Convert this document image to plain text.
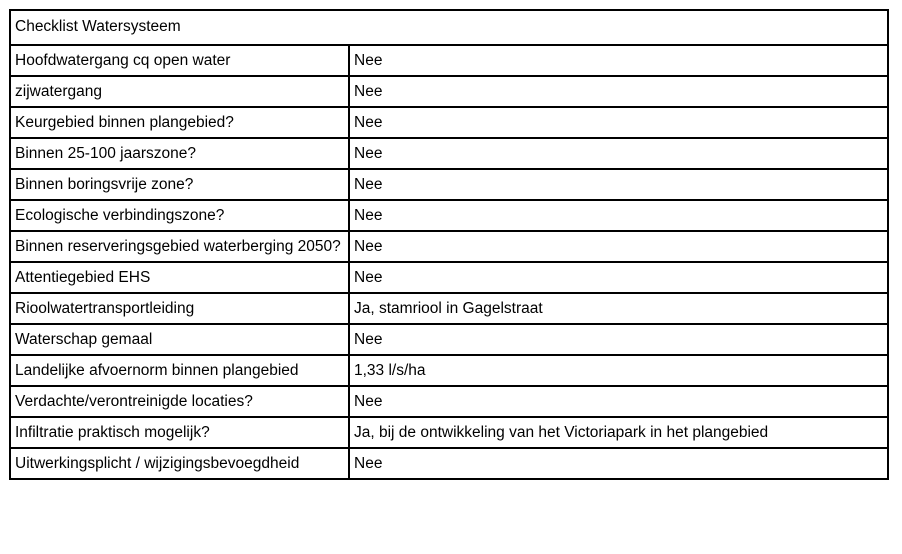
Checklist Watersysteem	
Hoofdwatergang cq open water	Nee
zijwatergang	Nee
Keurgebied binnen plangebied?	Nee
Binnen 25-100 jaarszone?	Nee
Binnen boringsvrije zone?	Nee
Ecologische verbindingszone?	Nee
Binnen reserveringsgebied waterberging 2050?	Nee
Attentiegebied EHS	Nee
Rioolwatertransportleiding	Ja, stamriool in Gagelstraat
Waterschap gemaal	Nee
Landelijke afvoernorm binnen plangebied	1,33 l/s/ha
Verdachte/verontreinigde locaties?	Nee
Infiltratie praktisch mogelijk?	Ja, bij de ontwikkeling van het Victoriapark in het plangebied
Uitwerkingsplicht / wijzigingsbevoegdheid	Nee
